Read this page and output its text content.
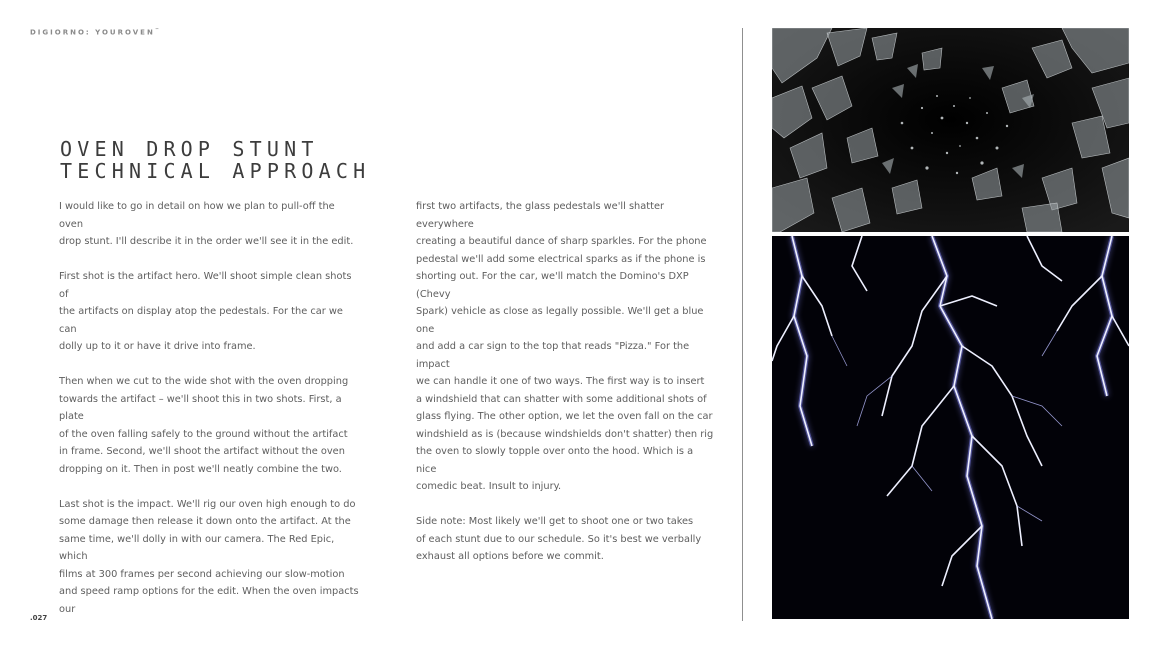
DIGIORNO: YOUROVEN™
OVEN DROP STUNT
TECHNICAL APPROACH

I would like to go in detail on how we plan to pull-off the oven
drop stunt. I'll describe it in the order we'll see it in the edit.

First shot is the artifact hero. We'll shoot simple clean shots of
the artifacts on display atop the pedestals. For the car we can
dolly up to it or have it drive into frame.

Then when we cut to the wide shot with the oven dropping
towards the artifact – we'll shoot this in two shots. First, a plate
of the oven falling safely to the ground without the artifact
in frame. Second, we'll shoot the artifact without the oven
dropping on it. Then in post we'll neatly combine the two.

Last shot is the impact. We'll rig our oven high enough to do
some damage then release it down onto the artifact. At the
same time, we'll dolly in with our camera. The Red Epic, which
films at 300 frames per second achieving our slow-motion
and speed ramp options for the edit. When the oven impacts our

first two artifacts, the glass pedestals we'll shatter everywhere
creating a beautiful dance of sharp sparkles. For the phone
pedestal we'll add some electrical sparks as if the phone is
shorting out. For the car, we'll match the Domino's DXP (Chevy
Spark) vehicle as close as legally possible. We'll get a blue one
and add a car sign to the top that reads "Pizza." For the impact
we can handle it one of two ways. The first way is to insert
a windshield that can shatter with some additional shots of
glass flying. The other option, we let the oven fall on the car
windshield as is (because windshields don't shatter) then rig
the oven to slowly topple over onto the hood. Which is a nice
comedic beat. Insult to injury.

Side note: Most likely we'll get to shoot one or two takes
of each stunt due to our schedule. So it's best we verbally
exhaust all options before we commit.

.027
